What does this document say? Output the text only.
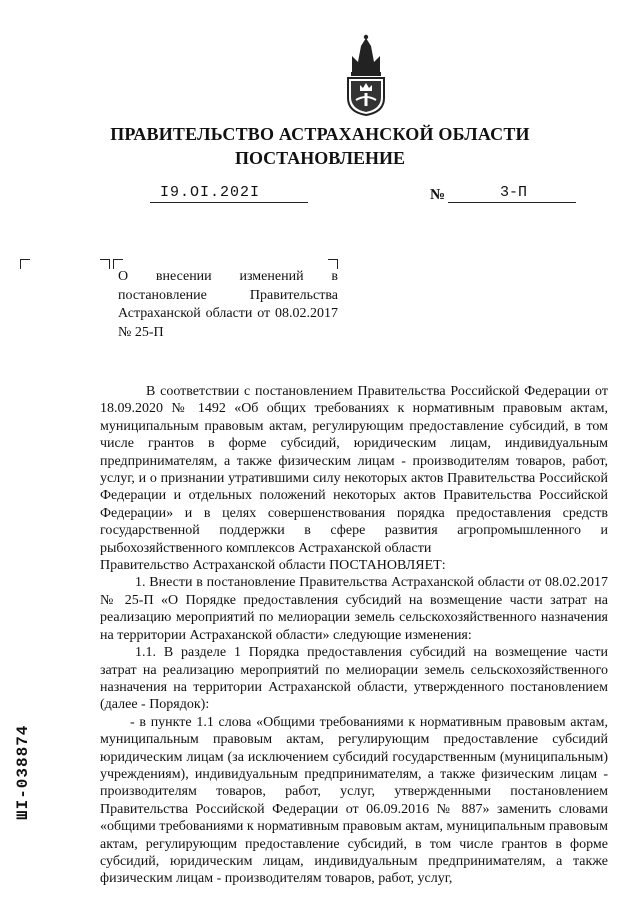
ПРАВИТЕЛЬСТВО АСТРАХАНСКОЙ ОБЛАСТИ
ПОСТАНОВЛЕНИЕ
I9.OI.202I	№	3-П
О внесении изменений в постановление Правительства Астраханской области от 08.02.2017 № 25-П

В соответствии с постановлением Правительства Российской Федерации от 18.09.2020 № 1492 «Об общих требованиях к нормативным правовым актам, муниципальным правовым актам, регулирующим предоставление субсидий, в том числе грантов в форме субсидий, юридическим лицам, индивидуальным предпринимателям, а также физическим лицам - производителям товаров, работ, услуг, и о признании утратившими силу некоторых актов Правительства Российской Федерации и отдельных положений некоторых актов Правительства Российской Федерации» и в целях совершенствования порядка предоставления средств государственной поддержки в сфере развития агропромышленного и рыбохозяйственного комплексов Астраханской области

Правительство Астраханской области ПОСТАНОВЛЯЕТ:

1. Внести в постановление Правительства Астраханской области от 08.02.2017 № 25-П «О Порядке предоставления субсидий на возмещение части затрат на реализацию мероприятий по мелиорации земель сельскохозяйственного назначения на территории Астраханской области» следующие изменения:

1.1. В разделе 1 Порядка предоставления субсидий на возмещение части затрат на реализацию мероприятий по мелиорации земель сельскохозяйственного назначения на территории Астраханской области, утвержденного постановлением (далее - Порядок):

- в пункте 1.1 слова «Общими требованиями к нормативным правовым актам, муниципальным правовым актам, регулирующим предоставление субсидий юридическим лицам (за исключением субсидий государственным (муниципальным) учреждениям), индивидуальным предпринимателям, а также физическим лицам - производителям товаров, работ, услуг, утвержденными постановлением Правительства Российской Федерации от 06.09.2016 № 887» заменить словами «общими требованиями к нормативным правовым актам, муниципальным правовым актам, регулирующим предоставление субсидий, в том числе грантов в форме субсидий, юридическим лицам, индивидуальным предпринимателям, а также физическим лицам - производителям товаров, работ, услуг,

ШI-038874
